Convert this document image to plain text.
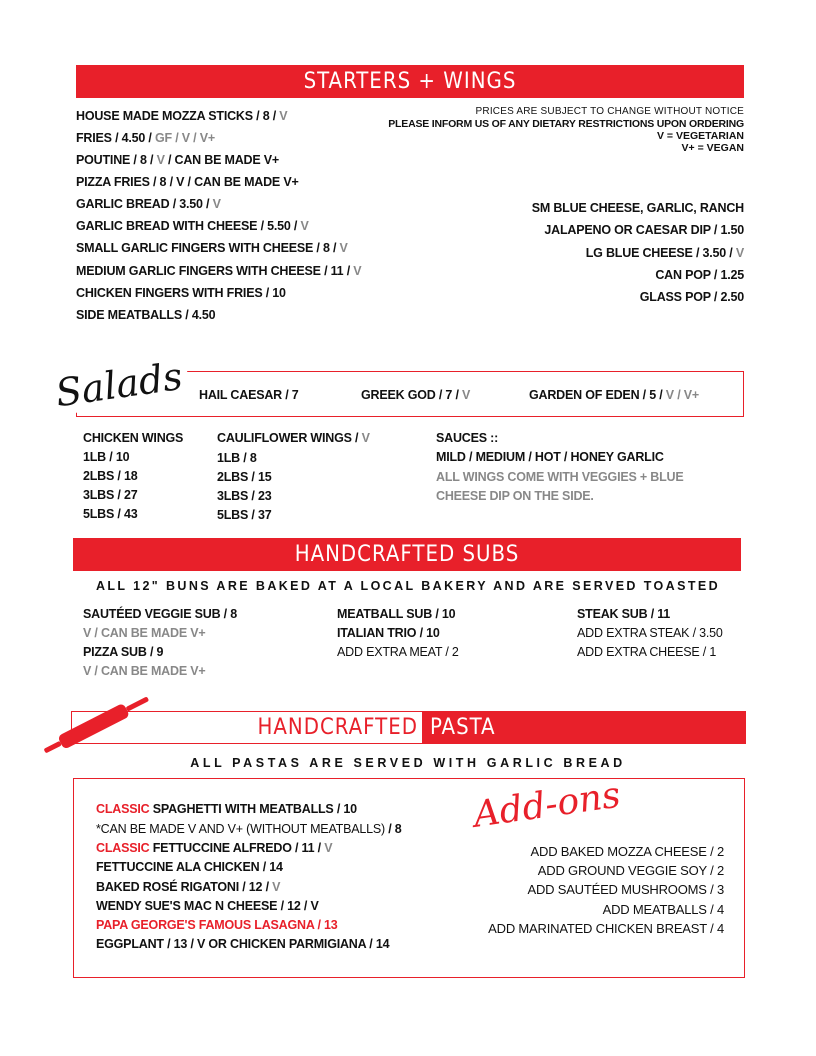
STARTERS + WINGS
HOUSE MADE MOZZA STICKS / 8 / V
FRIES / 4.50 / GF / V / V+
POUTINE / 8 / V / CAN BE MADE V+
PIZZA FRIES / 8 / V / CAN BE MADE V+
GARLIC BREAD / 3.50 / V
GARLIC BREAD WITH CHEESE / 5.50 / V
SMALL GARLIC FINGERS WITH CHEESE / 8 / V
MEDIUM GARLIC FINGERS WITH CHEESE / 11 / V
CHICKEN FINGERS WITH FRIES / 10
SIDE MEATBALLS / 4.50
PRICES ARE SUBJECT TO CHANGE WITHOUT NOTICE
PLEASE INFORM US OF ANY DIETARY RESTRICTIONS UPON ORDERING
V = VEGETARIAN
V+ = VEGAN
SM BLUE CHEESE, GARLIC, RANCH
JALAPENO OR CAESAR DIP / 1.50
LG BLUE CHEESE / 3.50 / V
CAN POP / 1.25
GLASS POP / 2.50
Salads	HAIL CAESAR / 7	GREEK GOD / 7 / V	GARDEN OF EDEN / 5 / V / V+
CHICKEN WINGS
1LB / 10
2LBS / 18
3LBS / 27
5LBS / 43
CAULIFLOWER WINGS / V
1LB / 8
2LBS / 15
3LBS / 23
5LBS / 37
SAUCES ::
MILD / MEDIUM / HOT / HONEY GARLIC
ALL WINGS COME WITH VEGGIES + BLUE
CHEESE DIP ON THE SIDE.
HANDCRAFTED SUBS
ALL 12" BUNS ARE BAKED AT A LOCAL BAKERY AND ARE SERVED TOASTED
SAUTÉED VEGGIE SUB / 8
V / CAN BE MADE V+
PIZZA SUB / 9
V / CAN BE MADE V+
MEATBALL SUB / 10
ITALIAN TRIO / 10
ADD EXTRA MEAT / 2
STEAK SUB / 11
ADD EXTRA STEAK / 3.50
ADD EXTRA CHEESE / 1
HANDCRAFTED PASTA
ALL PASTAS ARE SERVED WITH GARLIC BREAD
CLASSIC SPAGHETTI WITH MEATBALLS / 10
*CAN BE MADE V AND V+ (WITHOUT MEATBALLS) / 8
CLASSIC FETTUCCINE ALFREDO / 11 / V
FETTUCCINE ALA CHICKEN / 14
BAKED ROSÉ RIGATONI / 12 / V
WENDY SUE'S MAC N CHEESE / 12 / V
PAPA GEORGE'S FAMOUS LASAGNA / 13
EGGPLANT / 13 / V OR CHICKEN PARMIGIANA / 14
Add-ons
ADD BAKED MOZZA CHEESE / 2
ADD GROUND VEGGIE SOY / 2
ADD SAUTÉED MUSHROOMS / 3
ADD MEATBALLS / 4
ADD MARINATED CHICKEN BREAST / 4
